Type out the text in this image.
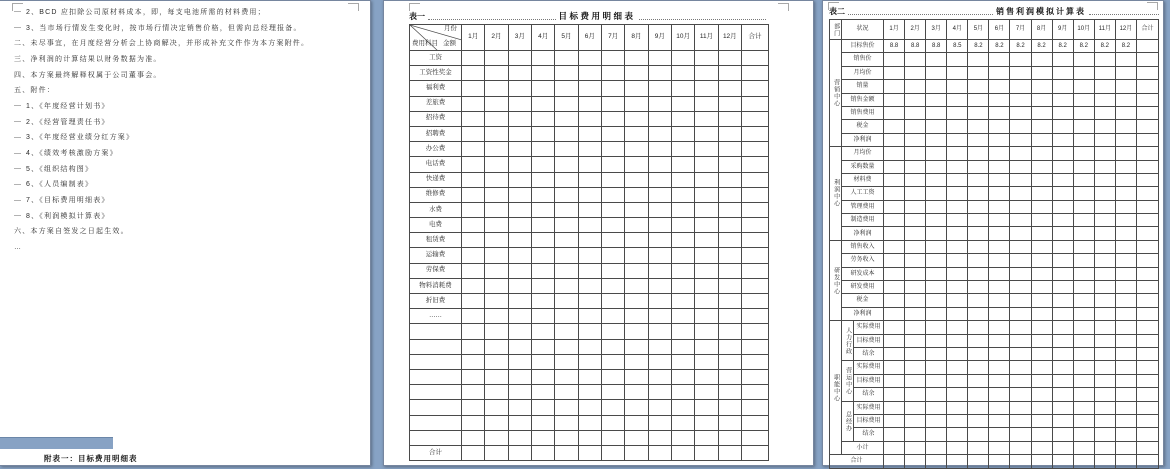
— 2、BCD 应扣除公司原材料成本，即，每支电池所需的材料费用；
— 3、当市场行情发生变化时，按市场行情决定销售价格，但需向总经理报备。
二、未尽事宜，在月度经营分析会上协商解决，并形成补充文件作为本方案附件。
三、净利润的计算结果以财务数据为准。
四、本方案最终解释权属于公司董事会。
五、附件：
— 1、《年度经营计划书》
— 2、《经营管理责任书》
— 3、《年度经营业绩分红方案》
— 4、《绩效考核激励方案》
— 5、《组织结构图》
— 6、《人员编制表》
— 7、《目标费用明细表》
— 8、《利润模拟计算表》
六、本方案自签发之日起生效。
…
附表一：目标费用明细表
表一	目标费用明细表
月份
金额
费用科目	1月	2月	3月	4月	5月	6月	7月	8月	9月	10月	11月	12月	合计
工资													
工资性奖金													
福利费													
差旅费													
招待费													
招聘费													
办公费													
电话费													
快递费													
维修费													
水费													
电费													
租赁费													
运输费													
劳保费													
物料消耗费													
折旧费													
……													

合计													
表二	销售利润模拟计算表
部门	状况		1月	2月	3月	4月	5月	6月	7月	8月	9月	10月	11月	12月	合计
营销中心	目标售价		8.8	8.8	8.8	8.5	8.2	8.2	8.2	8.2	8.2	8.2	8.2	8.2	
	销售价														
	月均价														
	销量														
	销售金额														
	销售费用														
	税金														
	净利润														
利润中心	月均价														
	采购数量														
	材料费														
	人工工资														
	管理费用														
	制造费用														
	净利润														
研发中心	销售收入														
	劳务收入														
	研发成本														
	研发费用														
	税金														
	净利润														
职能中心	人力行政	实际费用													
		目标费用													
		结余													
	营运中心	实际费用													
		目标费用													
		结余													
	总经办	实际费用													
		目标费用													
		结余													
	小计														
合计															
